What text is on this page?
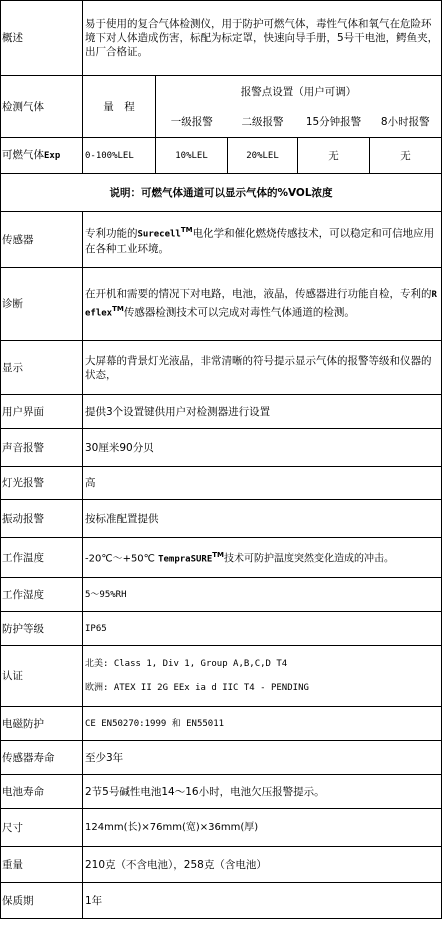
概述	易于使用的复合气体检测仪，用于防护可燃气体，毒性气体和氧气在危险环境下对人体造成伤害，标配为标定罩，快速向导手册，5号干电池，鳄鱼夹，出厂合格证。				
检测气体	量　程	报警点设置（用户可调）			
		一级报警	二级报警	15分钟报警	8小时报警
可燃气体Exp	0-100%LEL	10%LEL	20%LEL	无	无
说明：可燃气体通道可以显示气体的%VOL浓度					
传感器	专利功能的Surecell™电化学和催化燃烧传感技术，可以稳定和可信地应用在各种工业环境。				
诊断	在开机和需要的情况下对电路，电池，液晶，传感器进行功能自检，专利的Reflex™传感器检测技术可以完成对毒性气体通道的检测。				
显示	大屏幕的背景灯光液晶，非常清晰的符号提示显示气体的报警等级和仪器的状态，				
用户界面	提供3个设置键供用户对检测器进行设置				
声音报警	30厘米90分贝				
灯光报警	高				
振动报警	按标准配置提供				
工作温度	-20℃～+50℃ TempraSURE™技术可防护温度突然变化造成的冲击。				
工作湿度	5～95%RH				
防护等级	IP65				
认证	北美: Class 1, Div 1, Group A,B,C,D T4
欧洲: ATEX II 2G EEx ia d IIC T4 - PENDING				

电磁防护	CE EN50270:1999 和 EN55011				
传感器寿命	至少3年				
电池寿命	2节5号碱性电池14～16小时，电池欠压报警提示。				
尺寸	124mm(长)×76mm(宽)×36mm(厚)				
重量	210克（不含电池），258克（含电池）				
保质期	1年				
